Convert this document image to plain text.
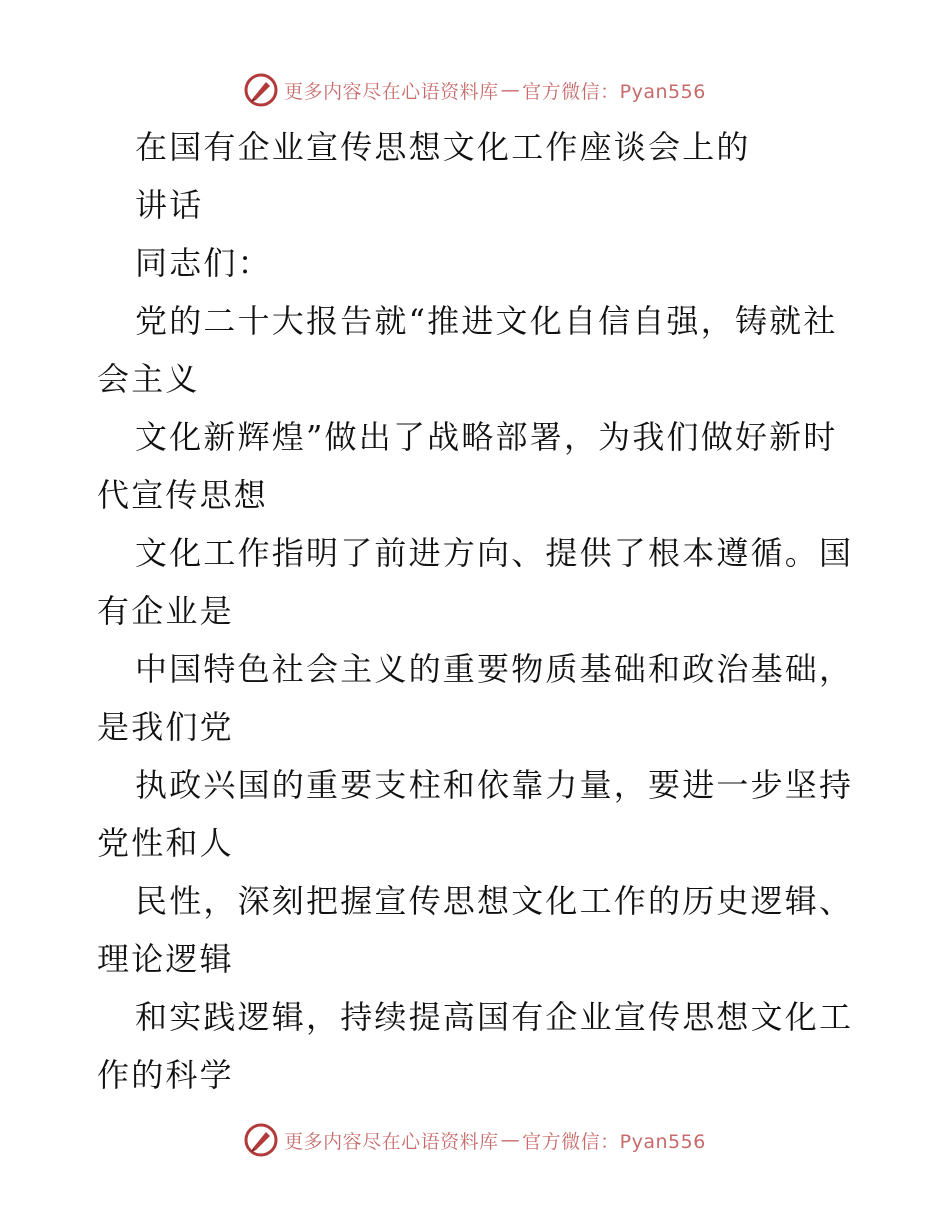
更多内容尽在心语资料库 — 官方微信：Pyan556
在国有企业宣传思想文化工作座谈会上的
讲话
同志们：
党的二十大报告就“推进文化自信自强，铸就社
会主义
文化新辉煌”做出了战略部署，为我们做好新时
代宣传思想
文化工作指明了前进方向、提供了根本遵循。国
有企业是
中国特色社会主义的重要物质基础和政治基础，
是我们党
执政兴国的重要支柱和依靠力量，要进一步坚持
党性和人
民性，深刻把握宣传思想文化工作的历史逻辑、
理论逻辑
和实践逻辑，持续提高国有企业宣传思想文化工
作的科学
更多内容尽在心语资料库 — 官方微信：Pyan556
